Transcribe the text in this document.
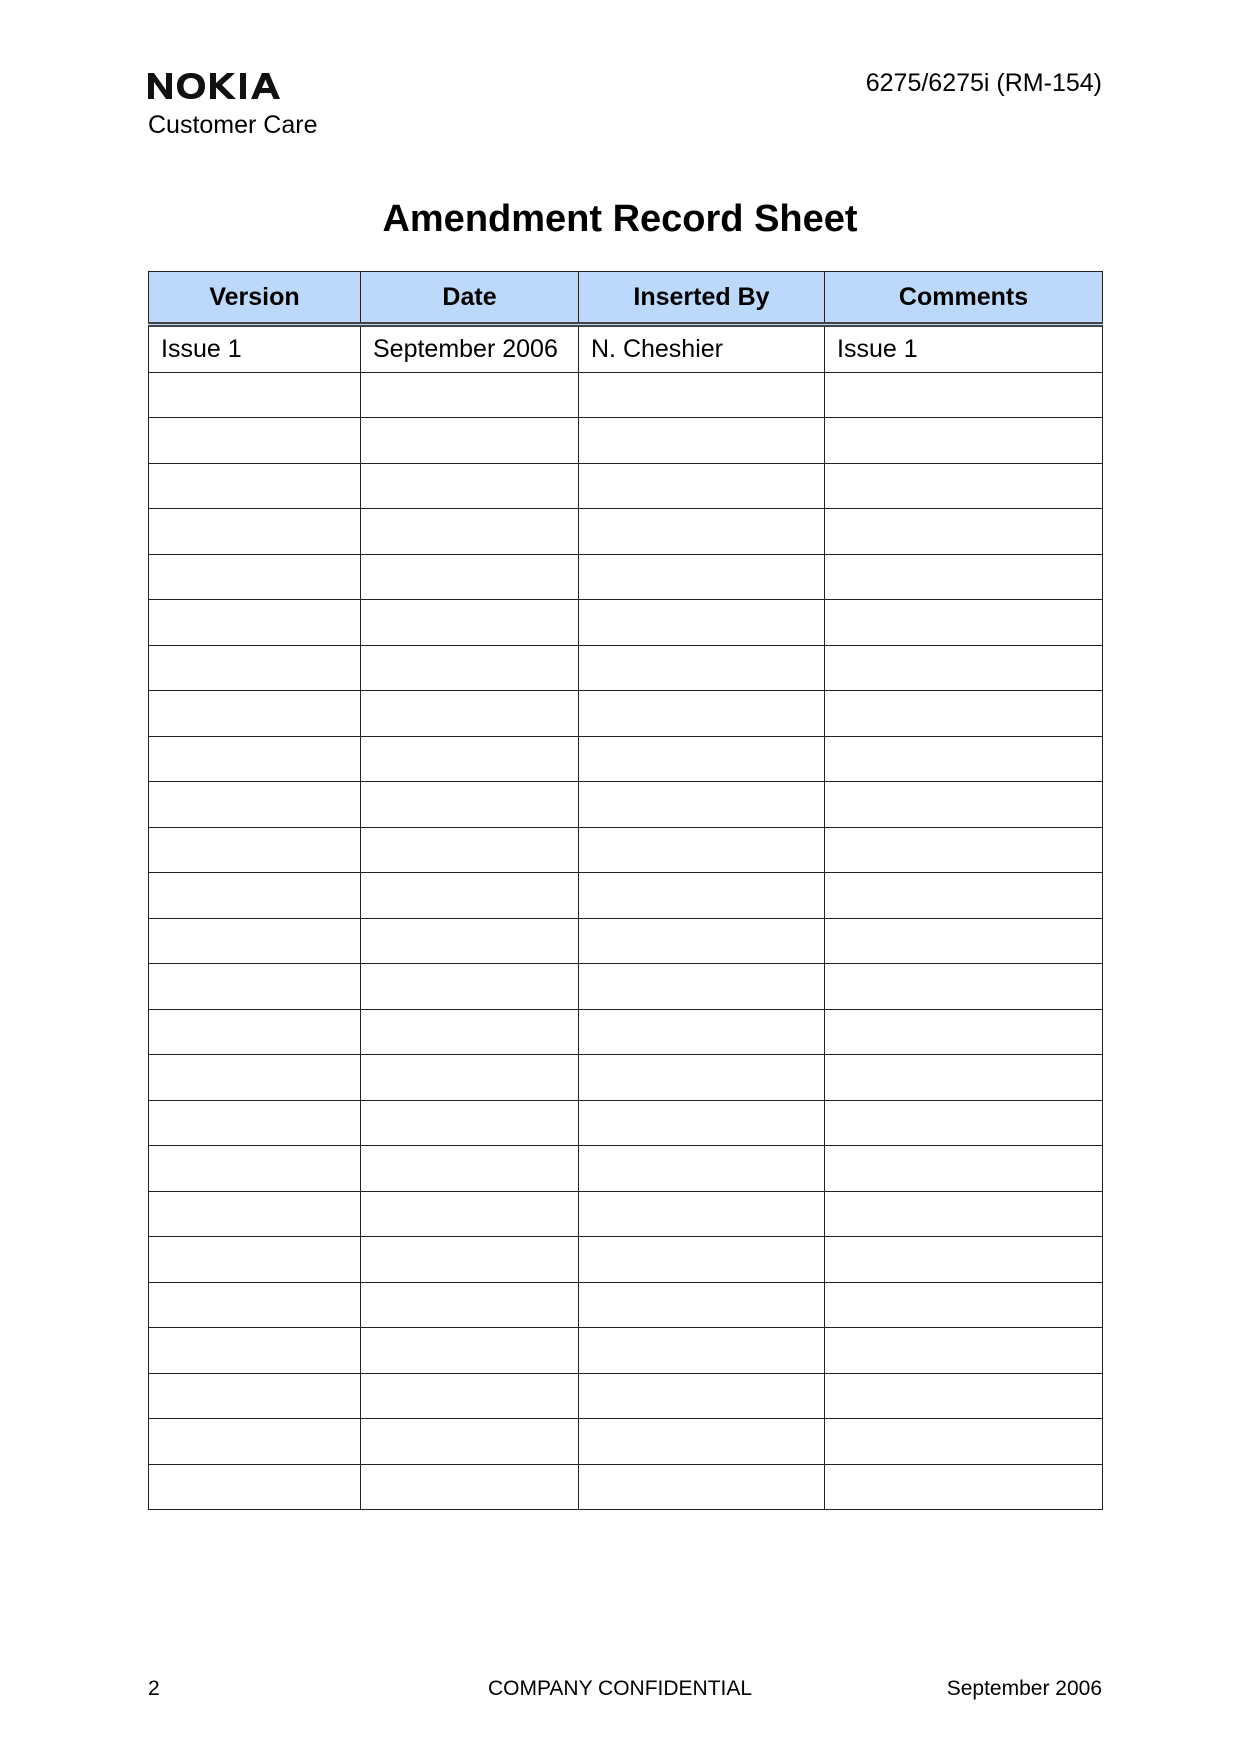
Customer Care
6275/6275i (RM-154)
Amendment Record Sheet
Version	Date	Inserted By	Comments
Issue 1	September 2006	N. Cheshier	Issue 1

2	COMPANY CONFIDENTIAL	September 2006
